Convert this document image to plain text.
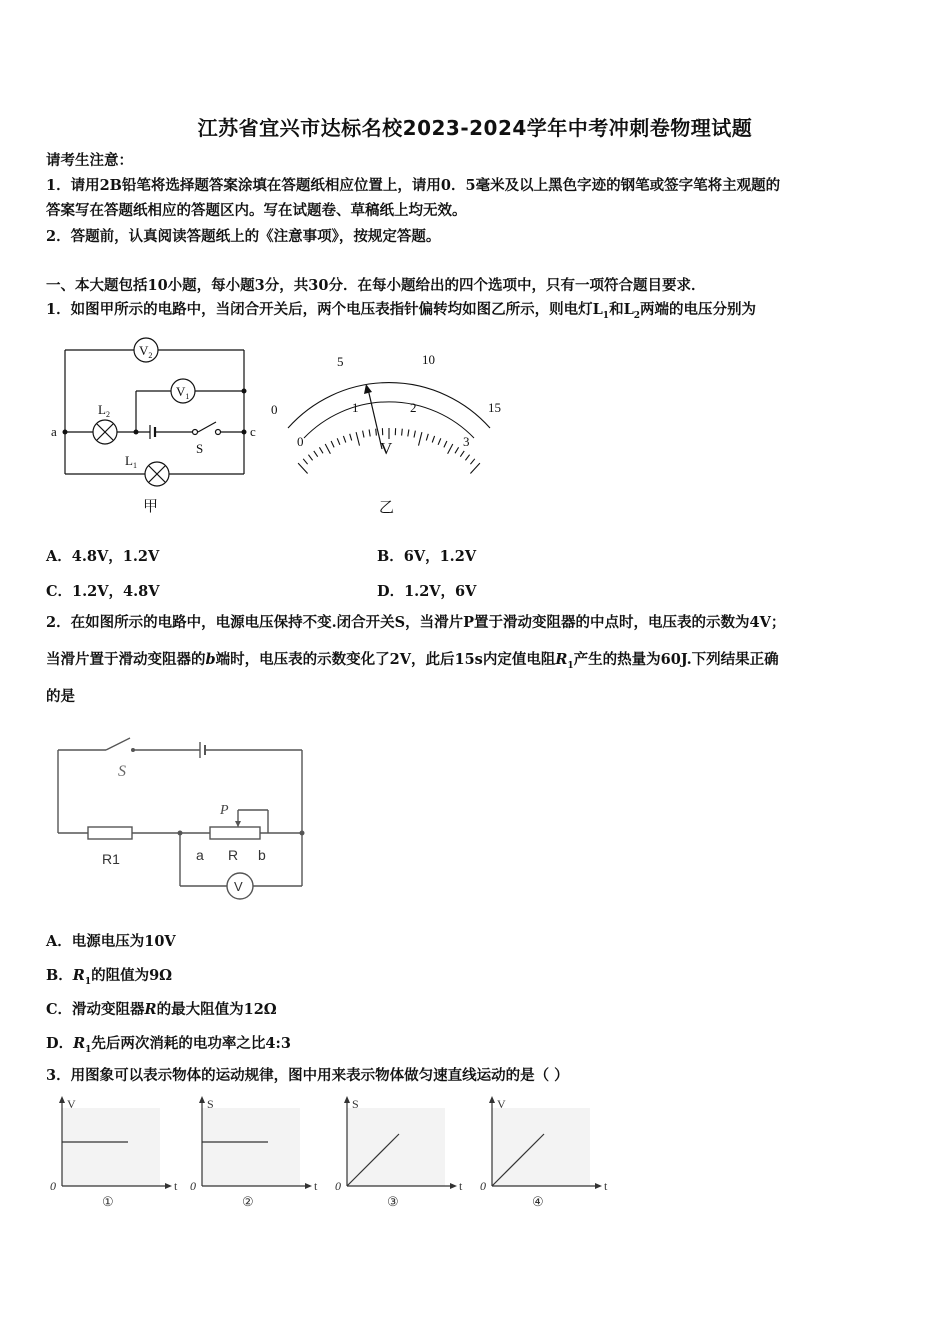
江苏省宜兴市达标名校2023-2024学年中考冲刺卷物理试题
请考生注意：
1．请用2B铅笔将选择题答案涂填在答题纸相应位置上，请用0．5毫米及以上黑色字迹的钢笔或签字笔将主观题的
答案写在答题纸相应的答题区内。写在试题卷、草稿纸上均无效。
2．答题前，认真阅读答题纸上的《注意事项》，按规定答题。
一、本大题包括10小题，每小题3分，共30分．在每小题给出的四个选项中，只有一项符合题目要求．
1．如图甲所示的电路中，当闭合开关后，两个电压表指针偏转均如图乙所示，则电灯$L_1$和$L_2$两端的电压分别为
$V_2$
$V_1$
$L_2$
$L_1$
a	c
S
甲
0
5	10
15
0
1	2
3
V
乙
A．4.8V，1.2V	B．6V，1.2V
C．1.2V，4.8V	D．1.2V，6V
2．在如图所示的电路中，电源电压保持不变.闭合开关S，当滑片P置于滑动变阻器的中点时，电压表的示数为4V；
当滑片置于滑动变阻器的b端时，电压表的示数变化了2V，此后15s内定值电阻$R_1$产生的热量为60J.下列结果正确
的是
S
P
R1	a R b
V
A．电源电压为10V
B．$R_1$的阻值为9Ω
C．滑动变阻器R的最大阻值为12Ω
D．$R_1$先后两次消耗的电功率之比4:3
3．用图象可以表示物体的运动规律，图中用来表示物体做匀速直线运动的是（ ）
V
t
0
①
S
t
0
②
S
t
0
③
V
t
0
④
